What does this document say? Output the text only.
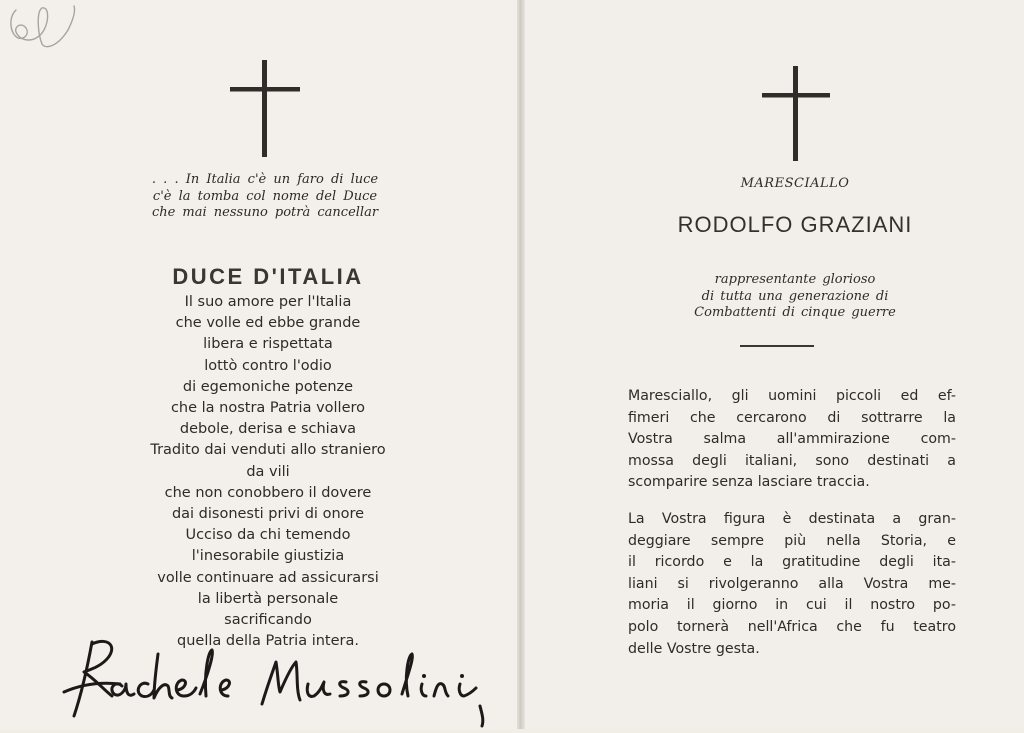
. . . In Italia c'è un faro di luce
c'è la tomba col nome del Duce
che mai nessuno potrà cancellar
DUCE D'ITALIA
Il suo amore per l'Italia
che volle ed ebbe grande
libera e rispettata
lottò contro l'odio
di egemoniche potenze
che la nostra Patria vollero
debole, derisa e schiava
Tradito dai venduti allo straniero
da vili
che non conobbero il dovere
dai disonesti privi di onore
Ucciso da chi temendo
l'inesorabile giustizia
volle continuare ad assicurarsi
la libertà personale
sacrificando
quella della Patria intera.
MARESCIALLO
RODOLFO GRAZIANI
rappresentante glorioso
di tutta una generazione di
Combattenti di cinque guerre
Maresciallo, gli uomini piccoli ed ef-
fimeri che cercarono di sottrarre la
Vostra salma all'ammirazione com-
mossa degli italiani, sono destinati a
scomparire senza lasciare traccia.
La Vostra figura è destinata a gran-
deggiare sempre più nella Storia, e
il ricordo e la gratitudine degli ita-
liani si rivolgeranno alla Vostra me-
moria il giorno in cui il nostro po-
polo tornerà nell'Africa che fu teatro
delle Vostre gesta.
